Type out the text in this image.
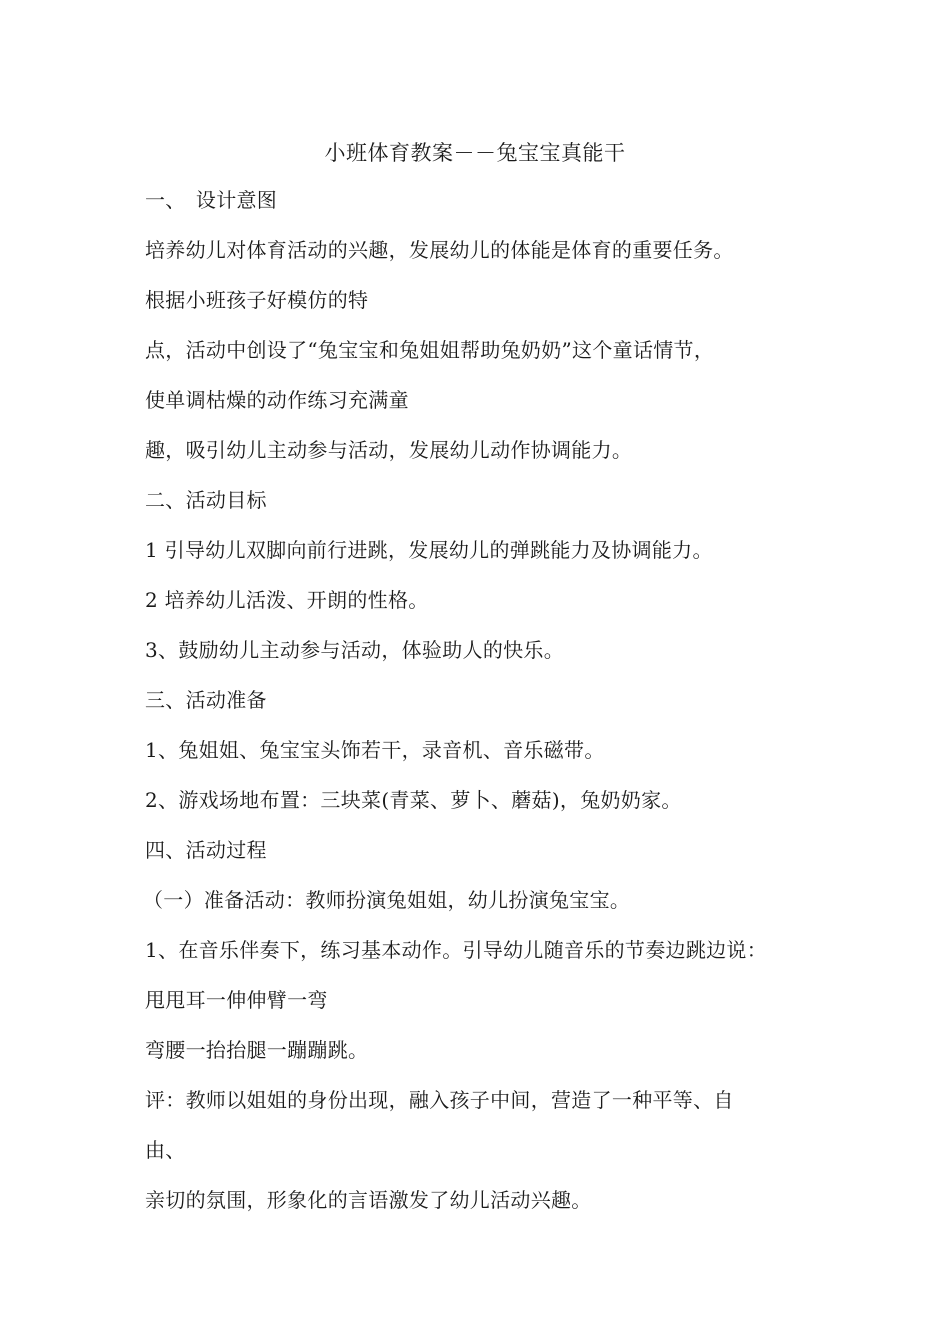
小班体育教案－－兔宝宝真能干
一、　设计意图
培养幼儿对体育活动的兴趣，发展幼儿的体能是体育的重要任务。
根据小班孩子好模仿的特
点，活动中创设了“兔宝宝和兔姐姐帮助兔奶奶”这个童话情节，
使单调枯燥的动作练习充满童
趣，吸引幼儿主动参与活动，发展幼儿动作协调能力。
二、活动目标
1 引导幼儿双脚向前行进跳，发展幼儿的弹跳能力及协调能力。
2 培养幼儿活泼、开朗的性格。
3、鼓励幼儿主动参与活动，体验助人的快乐。
三、活动准备
1、兔姐姐、兔宝宝头饰若干，录音机、音乐磁带。
2、游戏场地布置：三块菜(青菜、萝卜、蘑菇)，兔奶奶家。
四、活动过程
（一）准备活动：教师扮演兔姐姐，幼儿扮演兔宝宝。
1、在音乐伴奏下，练习基本动作。引导幼儿随音乐的节奏边跳边说：
甩甩耳一伸伸臂一弯
弯腰一抬抬腿一蹦蹦跳。
评：教师以姐姐的身份出现，融入孩子中间，营造了一种平等、自
由、
亲切的氛围，形象化的言语激发了幼儿活动兴趣。
